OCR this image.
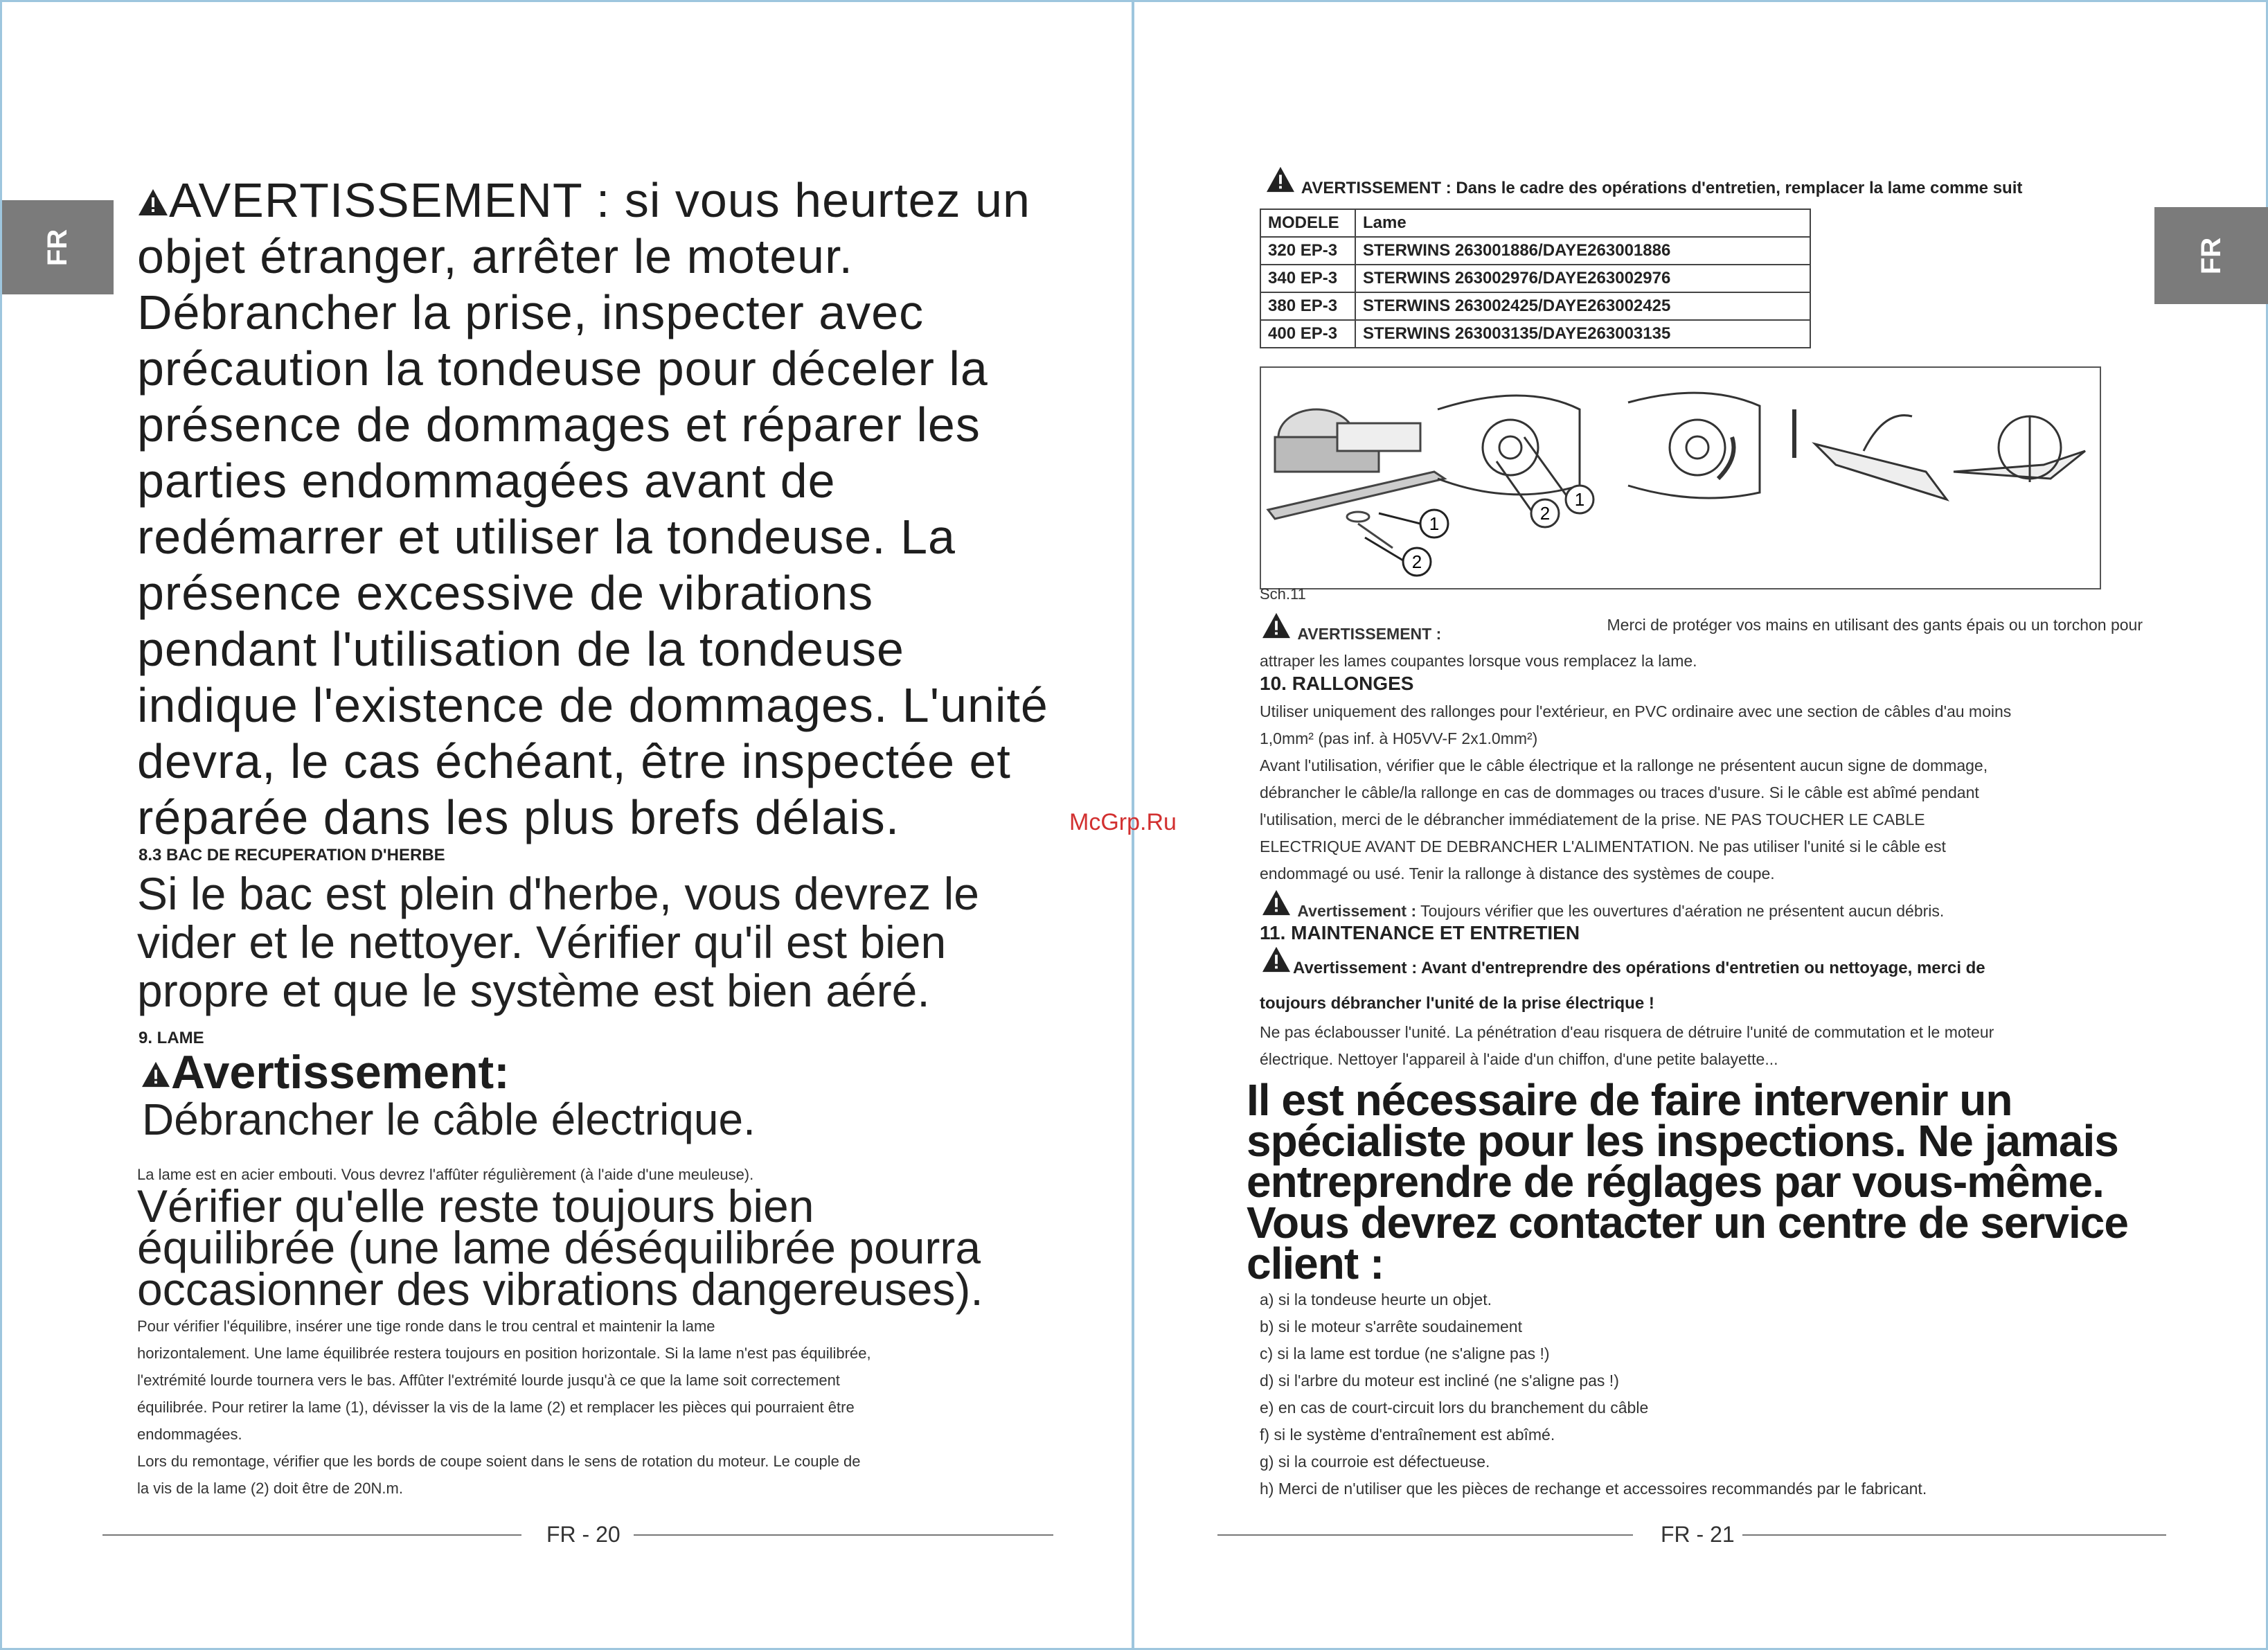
FR
AVERTISSEMENT : si vous heurtez un
objet étranger, arrêter le moteur.
Débrancher la prise, inspecter avec
précaution la tondeuse pour déceler la
présence de dommages et réparer les
parties endommagées avant de
redémarrer et utiliser la tondeuse. La
présence excessive de vibrations
pendant l'utilisation de la tondeuse
indique l'existence de dommages. L'unité
devra, le cas échéant, être inspectée et
réparée dans les plus brefs délais.
8.3 BAC DE RECUPERATION D'HERBE
Si le bac est plein d'herbe, vous devrez le
vider et le nettoyer. Vérifier qu'il est bien
propre et que le système est bien aéré.
9. LAME
Avertissement:
Débrancher le câble électrique.
La lame est en acier embouti. Vous devrez l'affûter régulièrement (à l'aide d'une meuleuse).
Vérifier qu'elle reste toujours bien
équilibrée (une lame déséquilibrée pourra
occasionner des vibrations dangereuses).
Pour vérifier l'équilibre, insérer une tige ronde dans le trou central et maintenir la lame
horizontalement. Une lame équilibrée restera toujours en position horizontale. Si la lame n'est pas équilibrée,
l'extrémité lourde tournera vers le bas. Affûter l'extrémité lourde jusqu'à ce que la lame soit correctement
équilibrée. Pour retirer la lame (1), dévisser la vis de la lame (2) et remplacer les pièces qui pourraient être
endommagées.
Lors du remontage, vérifier que les bords de coupe soient dans le sens de rotation du moteur. Le couple de
la vis de la lame (2) doit être de 20N.m.
FR - 20
FR
AVERTISSEMENT : Dans le cadre des opérations d'entretien, remplacer la lame comme suit
MODELE	Lame
320 EP-3	STERWINS 263001886/DAYE263001886
340 EP-3	STERWINS 263002976/DAYE263002976
380 EP-3	STERWINS 263002425/DAYE263002425
400 EP-3	STERWINS 263003135/DAYE263003135
1
2
2
1
Sch.11
AVERTISSEMENT :	Merci de protéger vos mains en utilisant des gants épais ou un torchon pour
attraper les lames coupantes lorsque vous remplacez la lame.
10. RALLONGES
Utiliser uniquement des rallonges pour l'extérieur, en PVC ordinaire avec une section de câbles d'au moins
1,0mm² (pas inf. à H05VV-F 2x1.0mm²)
Avant l'utilisation, vérifier que le câble électrique et la rallonge ne présentent aucun signe de dommage,
débrancher le câble/la rallonge en cas de dommages ou traces d'usure. Si le câble est abîmé pendant
l'utilisation, merci de le débrancher immédiatement de la prise. NE PAS TOUCHER LE CABLE
ELECTRIQUE AVANT DE DEBRANCHER L'ALIMENTATION. Ne pas utiliser l'unité si le câble est
endommagé ou usé. Tenir la rallonge à distance des systèmes de coupe.
Avertissement : Toujours vérifier que les ouvertures d'aération ne présentent aucun débris.
11. MAINTENANCE ET ENTRETIEN
Avertissement : Avant d'entreprendre des opérations d'entretien ou nettoyage, merci de
toujours débrancher l'unité de la prise électrique !
Ne pas éclabousser l'unité. La pénétration d'eau risquera de détruire l'unité de commutation et le moteur
électrique. Nettoyer l'appareil à l'aide d'un chiffon, d'une petite balayette...
Il est nécessaire de faire intervenir un
spécialiste pour les inspections. Ne jamais
entreprendre de réglages par vous-même.
Vous devrez contacter un centre de service
client :
a) si la tondeuse heurte un objet.
b) si le moteur s'arrête soudainement
c) si la lame est tordue (ne s'aligne pas !)
d) si l'arbre du moteur est incliné (ne s'aligne pas !)
e) en cas de court-circuit lors du branchement du câble
f) si le système d'entraînement est abîmé.
g) si la courroie est défectueuse.
h) Merci de n'utiliser que les pièces de rechange et accessoires recommandés par le fabricant.
FR - 21
McGrp.Ru
